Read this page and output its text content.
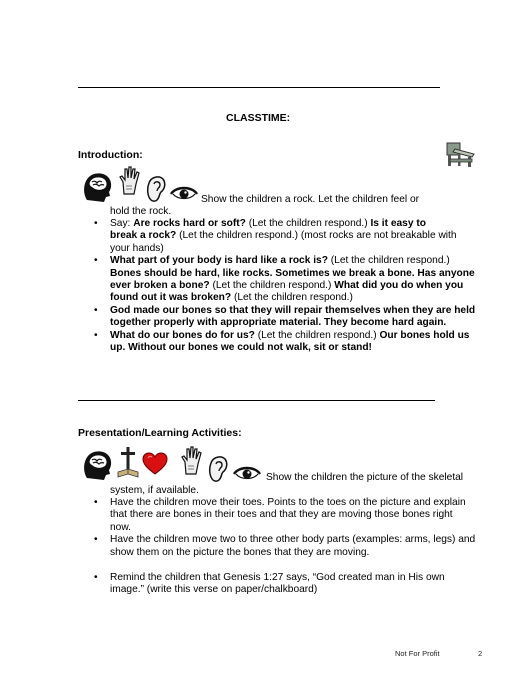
CLASSTIME:
Introduction:
Show the children a rock. Let the children feel or
hold the rock.
• Say: Are rocks hard or soft? (Let the children respond.) Is it easy to
break a rock? (Let the children respond.) (most rocks are not breakable with
your hands)
• What part of your body is hard like a rock is? (Let the children respond.)
Bones should be hard, like rocks. Sometimes we break a bone. Has anyone
ever broken a bone? (Let the children respond.) What did you do when you
found out it was broken? (Let the children respond.)
• God made our bones so that they will repair themselves when they are held
together properly with appropriate material. They become hard again.
• What do our bones do for us? (Let the children respond.) Our bones hold us
up. Without our bones we could not walk, sit or stand!
Presentation/Learning Activities:
Show the children the picture of the skeletal
system, if available.
• Have the children move their toes. Points to the toes on the picture and explain
that there are bones in their toes and that they are moving those bones right
now.
• Have the children move two to three other body parts (examples: arms, legs) and
show them on the picture the bones that they are moving.
• Remind the children that Genesis 1:27 says, “God created man in His own
image.” (write this verse on paper/chalkboard)
Not For Profit	2
